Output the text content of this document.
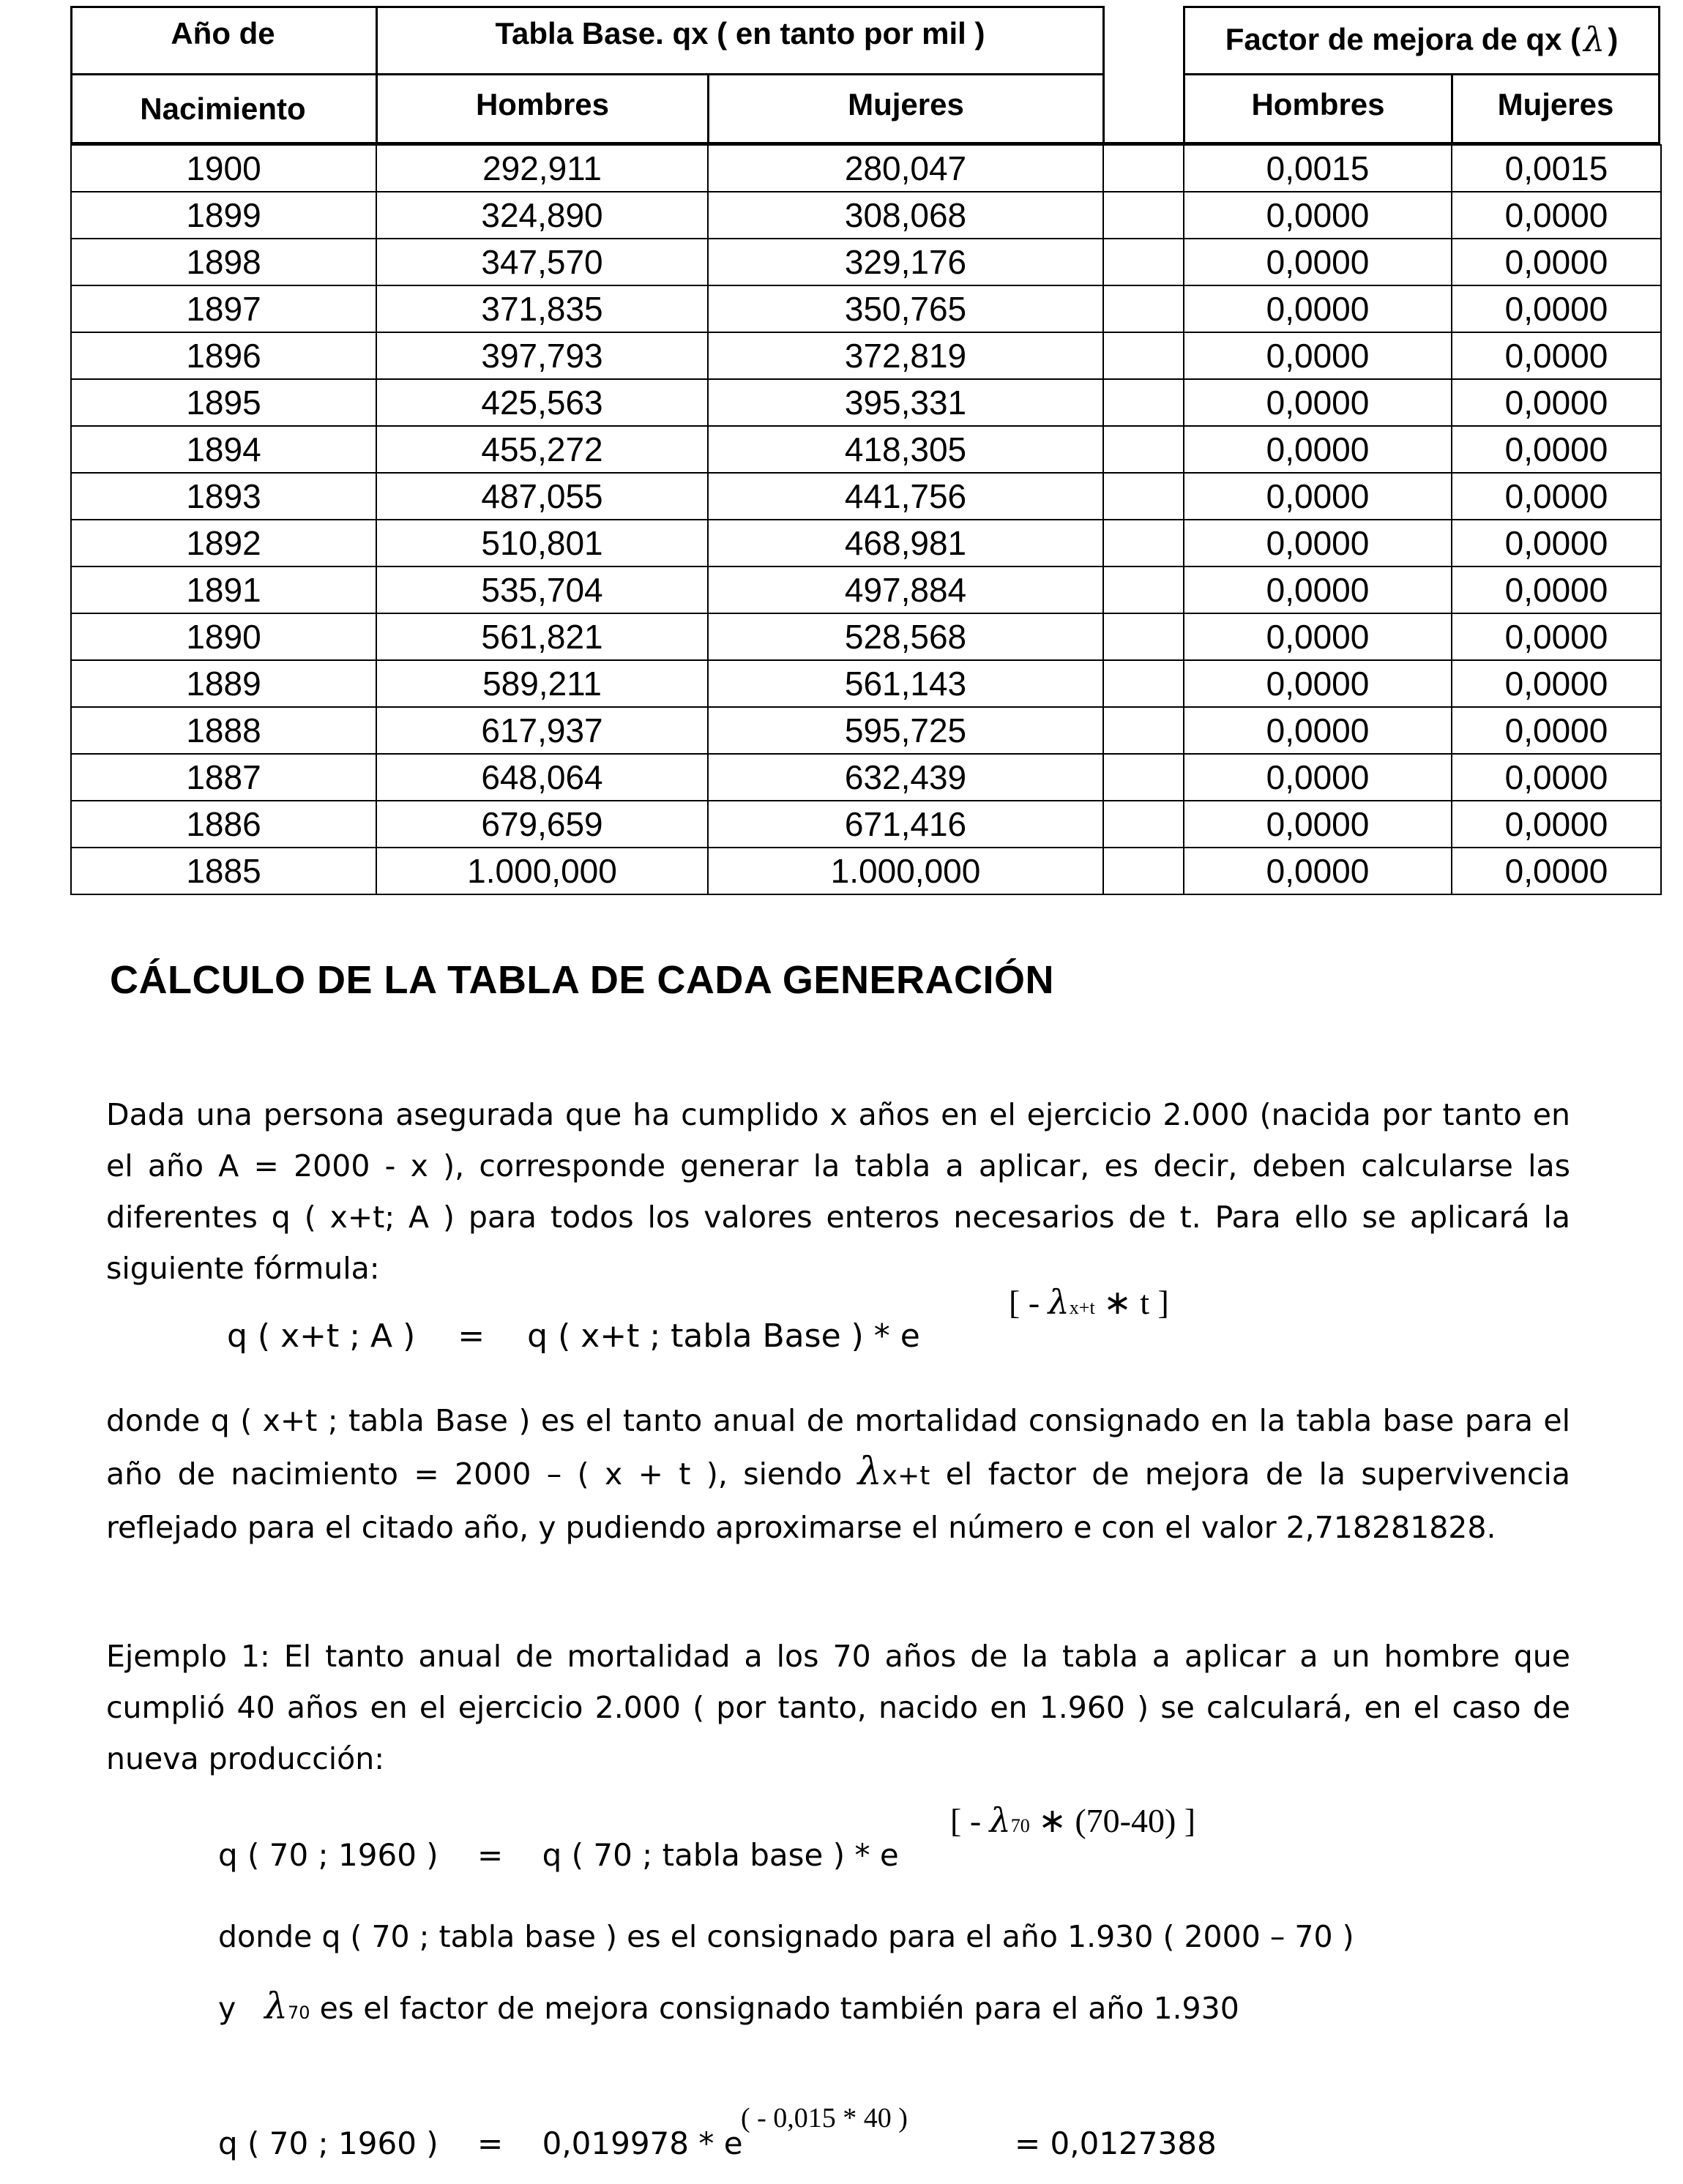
Año de
Nacimiento
Tabla Base. qx ( en tanto por mil )	Factor de mejora de qx ( λ )
Hombres	Mujeres	Hombres	Mujeres
1900	292,911	280,047		0,0015	0,0015
1899	324,890	308,068		0,0000	0,0000
1898	347,570	329,176		0,0000	0,0000
1897	371,835	350,765		0,0000	0,0000
1896	397,793	372,819		0,0000	0,0000
1895	425,563	395,331		0,0000	0,0000
1894	455,272	418,305		0,0000	0,0000
1893	487,055	441,756		0,0000	0,0000
1892	510,801	468,981		0,0000	0,0000
1891	535,704	497,884		0,0000	0,0000
1890	561,821	528,568		0,0000	0,0000
1889	589,211	561,143		0,0000	0,0000
1888	617,937	595,725		0,0000	0,0000
1887	648,064	632,439		0,0000	0,0000
1886	679,659	671,416		0,0000	0,0000
1885	1.000,000	1.000,000		0,0000	0,0000
CÁLCULO DE LA TABLA DE CADA GENERACIÓN
Dada una persona asegurada que ha cumplido x años en el ejercicio 2.000 (nacida por tanto en el año A = 2000 - x ), corresponde generar la tabla a aplicar, es decir, deben calcularse las diferentes q ( x+t; A ) para todos los valores enteros necesarios de t. Para ello se aplicará la siguiente fórmula:
q ( x+t ; A ) = q ( x+t ; tabla Base ) * e
[ - λx+t ∗ t ]
donde q ( x+t ; tabla Base ) es el tanto anual de mortalidad consignado en la tabla base para el año de nacimiento = 2000 – ( x + t ), siendo λx+t el factor de mejora de la supervivencia reflejado para el citado año, y pudiendo aproximarse el número e con el valor 2,718281828.
Ejemplo 1: El tanto anual de mortalidad a los 70 años de la tabla a aplicar a un hombre que cumplió 40 años en el ejercicio 2.000 ( por tanto, nacido en 1.960 ) se calculará, en el caso de nueva producción:
q ( 70 ; 1960 ) = q ( 70 ; tabla base ) * e
[ - λ70 ∗ (70-40) ]
donde q ( 70 ; tabla base ) es el consignado para el año 1.930 ( 2000 – 70 )
y λ70 es el factor de mejora consignado también para el año 1.930
q ( 70 ; 1960 ) = 0,019978 * e
( - 0,015 * 40 )
= 0,0127388
